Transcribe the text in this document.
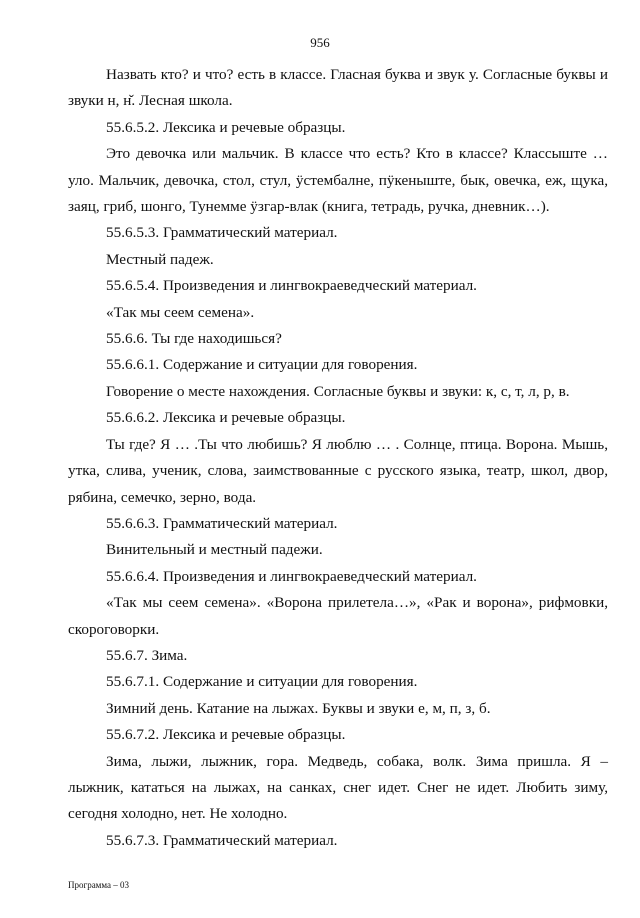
956

Назвать кто? и что? есть в классе. Гласная буква и звук у. Согласные буквы и звуки н, н̌. Лесная школа.

55.6.5.2. Лексика и речевые образцы.

Это девочка или мальчик. В классе что есть? Кто в классе? Классыште … уло. Мальчик, девочка, стол, стул, ӱстембалне, пӱкеныште, бык, овечка, еж, щука, заяц, гриб, шонгo, Тунемме ӱзгар-влак (книга, тетрадь, ручка, дневник…).

55.6.5.3. Грамматический материал.

Местный падеж.

55.6.5.4. Произведения и лингвокраеведческий материал.

«Так мы сеем семена».

55.6.6. Ты где находишься?

55.6.6.1. Содержание и ситуации для говорения.

Говорение о месте нахождения. Согласные буквы и звуки: к, с, т, л, р, в.

55.6.6.2. Лексика и речевые образцы.

Ты где? Я … .Ты что любишь? Я люблю … . Солнце, птица. Ворона. Мышь, утка, слива, ученик, слова, заимствованные с русского языка, театр, школ, двор, рябина, семечко, зерно, вода.

55.6.6.3. Грамматический материал.

Винительный и местный падежи.

55.6.6.4. Произведения и лингвокраеведческий материал.

«Так мы сеем семена». «Ворона прилетела…», «Рак и ворона», рифмовки, скороговорки.

55.6.7. Зима.

55.6.7.1. Содержание и ситуации для говорения.

Зимний день. Катание на лыжах. Буквы и звуки е, м, п, з, б.

55.6.7.2. Лексика и речевые образцы.

Зима, лыжи, лыжник, гора. Медведь, собака, волк. Зима пришла. Я – лыжник, кататься на лыжах, на санках, снег идет. Снег не идет. Любить зиму, сегодня холодно, нет. Не холодно.

55.6.7.3. Грамматический материал.

Программа – 03
